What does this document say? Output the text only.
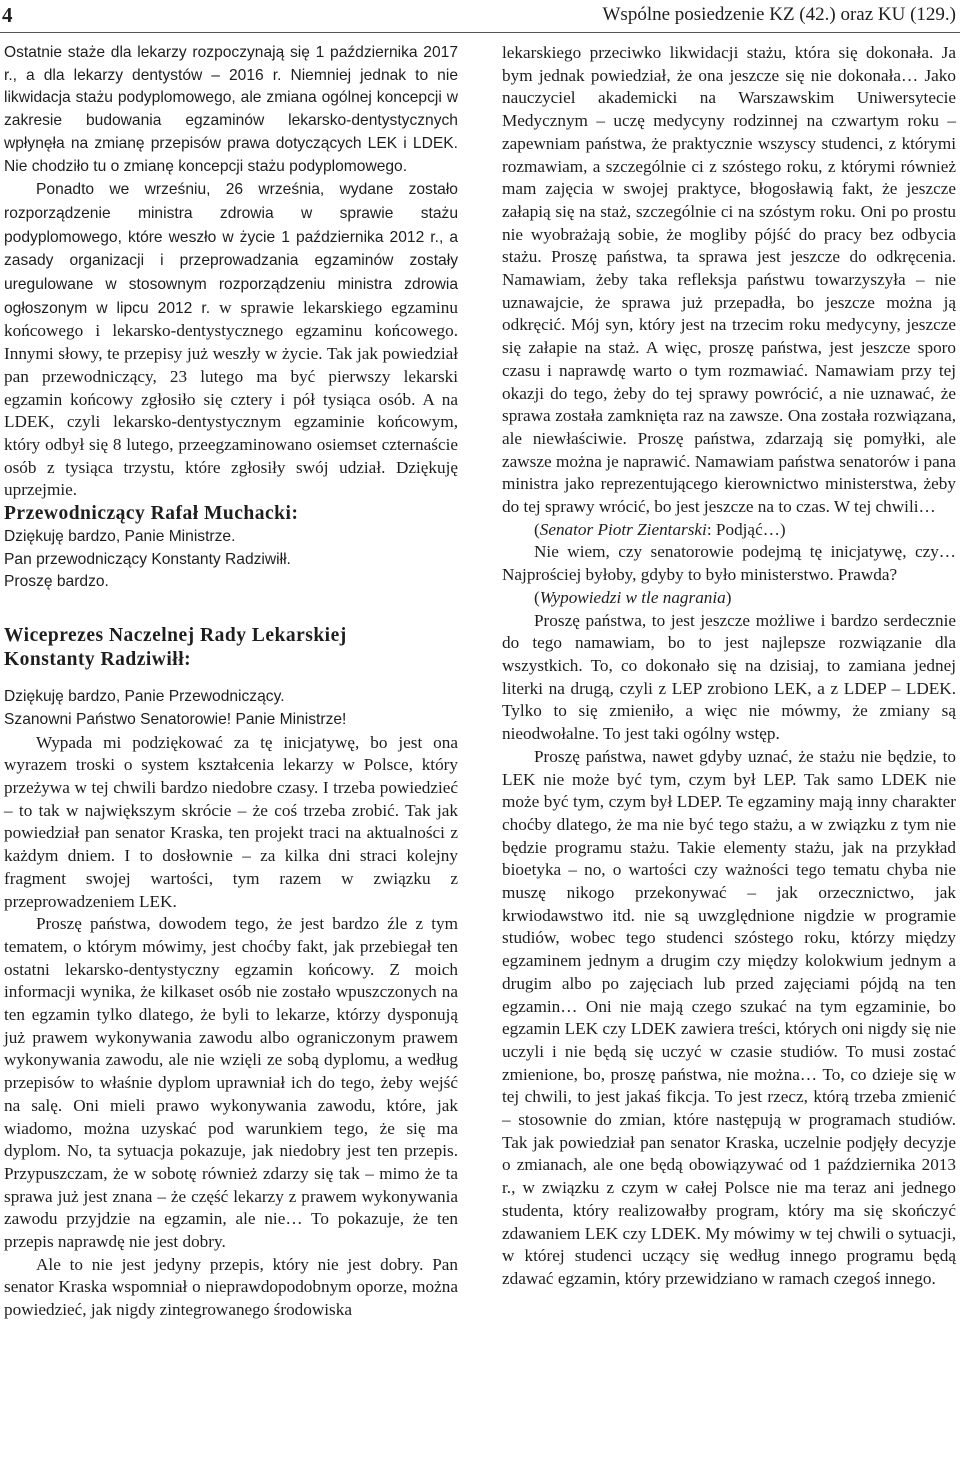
4	Wspólne posiedzenie KZ (42.) oraz KU (129.)

Ostatnie staże dla lekarzy rozpoczynają się 1 października 2017 r., a dla lekarzy dentystów – 2016 r. Niemniej jednak to nie likwidacja stażu podyplomowego, ale zmiana ogólnej koncepcji w zakresie budowania egzaminów lekarsko-dentystycznych wpłynęła na zmianę przepisów prawa dotyczących LEK i LDEK. Nie chodziło tu o zmianę koncepcji stażu podyplomowego.

Ponadto we wrześniu, 26 września, wydane zostało rozporządzenie ministra zdrowia w sprawie stażu podyplomowego, które weszło w życie 1 października 2012 r., a zasady organizacji i przeprowadzania egzaminów zostały uregulowane w stosownym rozporządzeniu ministra zdrowia ogłoszonym w lipcu 2012 r. w sprawie lekarskiego egzaminu końcowego i lekarsko-dentystycznego egzaminu końcowego. Innymi słowy, te przepisy już weszły w życie. Tak jak powiedział pan przewodniczący, 23 lutego ma być pierwszy lekarski egzamin końcowy zgłosiło się cztery i pół tysiąca osób. A na LDEK, czyli lekarsko-dentystycznym egzaminie końcowym, który odbył się 8 lutego, przeegzaminowano osiemset czternaście osób z tysiąca trzystu, które zgłosiły swój udział. Dziękuję uprzejmie.

Przewodniczący Rafał Muchacki:

Dziękuję bardzo, Panie Ministrze.

Pan przewodniczący Konstanty Radziwiłł.

Proszę bardzo.

Wiceprezes Naczelnej Rady Lekarskiej
Konstanty Radziwiłł:

Dziękuję bardzo, Panie Przewodniczący.

Szanowni Państwo Senatorowie! Panie Ministrze!

Wypada mi podziękować za tę inicjatywę, bo jest ona wyrazem troski o system kształcenia lekarzy w Polsce, który przeżywa w tej chwili bardzo niedobre czasy. I trzeba powiedzieć – to tak w największym skrócie – że coś trzeba zrobić. Tak jak powiedział pan senator Kraska, ten projekt traci na aktualności z każdym dniem. I to dosłownie – za kilka dni straci kolejny fragment swojej wartości, tym razem w związku z przeprowadzeniem LEK.

Proszę państwa, dowodem tego, że jest bardzo źle z tym tematem, o którym mówimy, jest choćby fakt, jak przebiegał ten ostatni lekarsko-dentystyczny egzamin końcowy. Z moich informacji wynika, że kilkaset osób nie zostało wpuszczonych na ten egzamin tylko dlatego, że byli to lekarze, którzy dysponują już prawem wykonywania zawodu albo ograniczonym prawem wykonywania zawodu, ale nie wzięli ze sobą dyplomu, a według przepisów to właśnie dyplom uprawniał ich do tego, żeby wejść na salę. Oni mieli prawo wykonywania zawodu, które, jak wiadomo, można uzyskać pod warunkiem tego, że się ma dyplom. No, ta sytuacja pokazuje, jak niedobry jest ten przepis. Przypuszczam, że w sobotę również zdarzy się tak – mimo że ta sprawa już jest znana – że część lekarzy z prawem wykonywania zawodu przyjdzie na egzamin, ale nie… To pokazuje, że ten przepis naprawdę nie jest dobry.

Ale to nie jest jedyny przepis, który nie jest dobry. Pan senator Kraska wspomniał o nieprawdopodobnym oporze, można powiedzieć, jak nigdy zintegrowanego środowiska

lekarskiego przeciwko likwidacji stażu, która się dokonała. Ja bym jednak powiedział, że ona jeszcze się nie dokonała… Jako nauczyciel akademicki na Warszawskim Uniwersytecie Medycznym – uczę medycyny rodzinnej na czwartym roku – zapewniam państwa, że praktycznie wszyscy studenci, z którymi rozmawiam, a szczególnie ci z szóstego roku, z którymi również mam zajęcia w swojej praktyce, błogosławią fakt, że jeszcze załapią się na staż, szczególnie ci na szóstym roku. Oni po prostu nie wyobrażają sobie, że mogliby pójść do pracy bez odbycia stażu. Proszę państwa, ta sprawa jest jeszcze do odkręcenia. Namawiam, żeby taka refleksja państwu towarzyszyła – nie uznawajcie, że sprawa już przepadła, bo jeszcze można ją odkręcić. Mój syn, który jest na trzecim roku medycyny, jeszcze się załapie na staż. A więc, proszę państwa, jest jeszcze sporo czasu i naprawdę warto o tym rozmawiać. Namawiam przy tej okazji do tego, żeby do tej sprawy powrócić, a nie uznawać, że sprawa została zamknięta raz na zawsze. Ona została rozwiązana, ale niewłaściwie. Proszę państwa, zdarzają się pomyłki, ale zawsze można je naprawić. Namawiam państwa senatorów i pana ministra jako reprezentującego kierownictwo ministerstwa, żeby do tej sprawy wrócić, bo jest jeszcze na to czas. W tej chwili…

(Senator Piotr Zientarski: Podjąć…)

Nie wiem, czy senatorowie podejmą tę inicjatywę, czy… Najprościej byłoby, gdyby to było ministerstwo. Prawda?

(Wypowiedzi w tle nagrania)

Proszę państwa, to jest jeszcze możliwe i bardzo serdecznie do tego namawiam, bo to jest najlepsze rozwiązanie dla wszystkich. To, co dokonało się na dzisiaj, to zamiana jednej literki na drugą, czyli z LEP zrobiono LEK, a z LDEP – LDEK. Tylko to się zmieniło, a więc nie mówmy, że zmiany są nieodwołalne. To jest taki ogólny wstęp.

Proszę państwa, nawet gdyby uznać, że stażu nie będzie, to LEK nie może być tym, czym był LEP. Tak samo LDEK nie może być tym, czym był LDEP. Te egzaminy mają inny charakter choćby dlatego, że ma nie być tego stażu, a w związku z tym nie będzie programu stażu. Takie elementy stażu, jak na przykład bioetyka – no, o wartości czy ważności tego tematu chyba nie muszę nikogo przekonywać – jak orzecznictwo, jak krwiodawstwo itd. nie są uwzględnione nigdzie w programie studiów, wobec tego studenci szóstego roku, którzy między egzaminem jednym a drugim czy między kolokwium jednym a drugim albo po zajęciach lub przed zajęciami pójdą na ten egzamin… Oni nie mają czego szukać na tym egzaminie, bo egzamin LEK czy LDEK zawiera treści, których oni nigdy się nie uczyli i nie będą się uczyć w czasie studiów. To musi zostać zmienione, bo, proszę państwa, nie można… To, co dzieje się w tej chwili, to jest jakaś fikcja. To jest rzecz, którą trzeba zmienić – stosownie do zmian, które następują w programach studiów. Tak jak powiedział pan senator Kraska, uczelnie podjęły decyzje o zmianach, ale one będą obowiązywać od 1 października 2013 r., w związku z czym w całej Polsce nie ma teraz ani jednego studenta, który realizowałby program, który ma się skończyć zdawaniem LEK czy LDEK. My mówimy w tej chwili o sytuacji, w której studenci uczący się według innego programu będą zdawać egzamin, który przewidziano w ramach czegoś innego.
